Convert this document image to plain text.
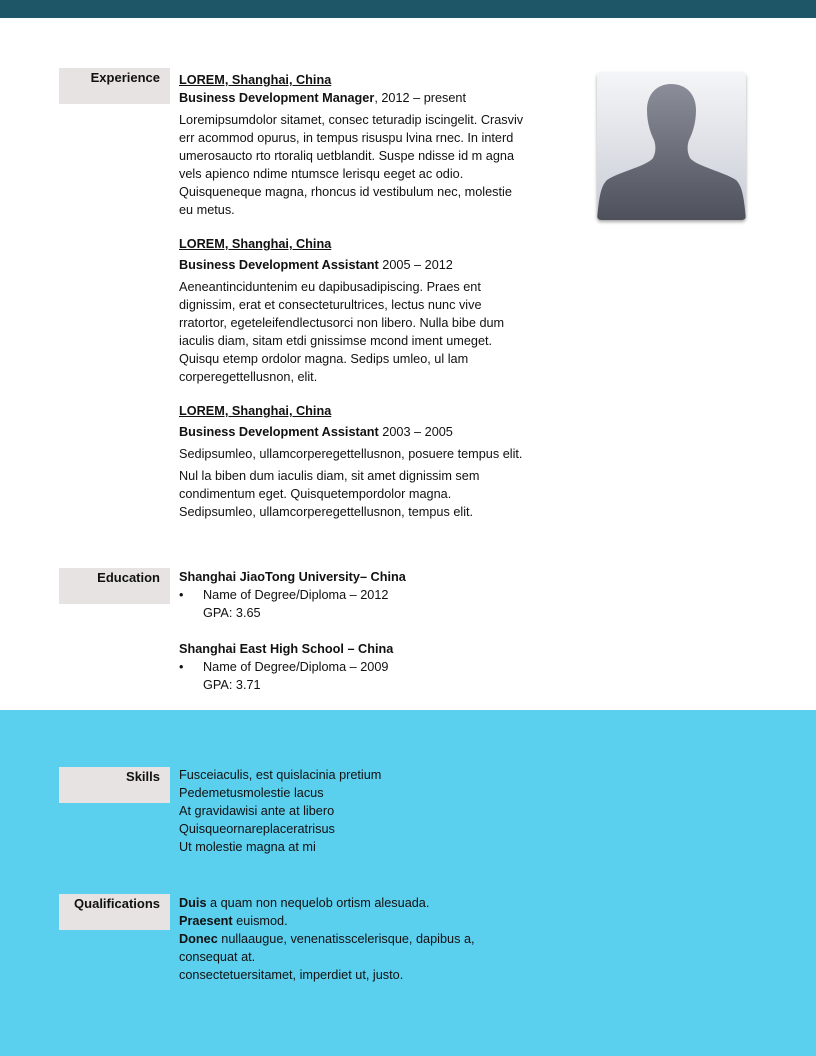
Experience	LOREM, Shanghai, China
Business Development Manager, 2012 – present
Loremipsumdolor sitamet, consec teturadip iscingelit. Crasviv err acommod opurus, in tempus risuspu lvina rnec. In interd umerosaucto rto rtoraliq uetblandit. Suspe ndisse id m agna vels apienco ndime ntumsce lerisqu eeget ac odio. Quisqueneque magna, rhoncus id vestibulum nec, molestie eu metus.
LOREM, Shanghai, China
Business Development Assistant 2005 – 2012
Aeneantinciduntenim eu dapibusadipiscing. Praes ent dignissim, erat et consecteturultrices, lectus nunc vive rratortor, egeteleifendlectusorci non libero. Nulla bibe dum iaculis diam, sitam etdi gnissimse mcond iment umeget. Quisqu etemp ordolor magna. Sedips umleo, ul lam corperegettellusnon, elit.
LOREM, Shanghai, China
Business Development Assistant 2003 – 2005
Sedipsumleo, ullamcorperegettellusnon, posuere tempus elit.
Nul la biben dum iaculis diam, sit amet dignissim sem condimentum eget. Quisquetempordolor magna. Sedipsumleo, ullamcorperegettellusnon, tempus elit.
Education	Shanghai JiaoTong University– China
• Name of Degree/Diploma – 2012
GPA: 3.65
Shanghai East High School – China
• Name of Degree/Diploma – 2009
GPA: 3.71
Skills	Fusceiaculis, est quislacinia pretium
Pedemetusmolestie lacus
At gravidawisi ante at libero
Quisqueornareplaceratrisus
Ut molestie magna at mi
Qualifications	Duis a quam non nequelob ortism alesuada.
Praesent euismod.
Donec nullaaugue, venenatisscelerisque, dapibus a, consequat at.
consectetuersitamet, imperdiet ut, justo.
